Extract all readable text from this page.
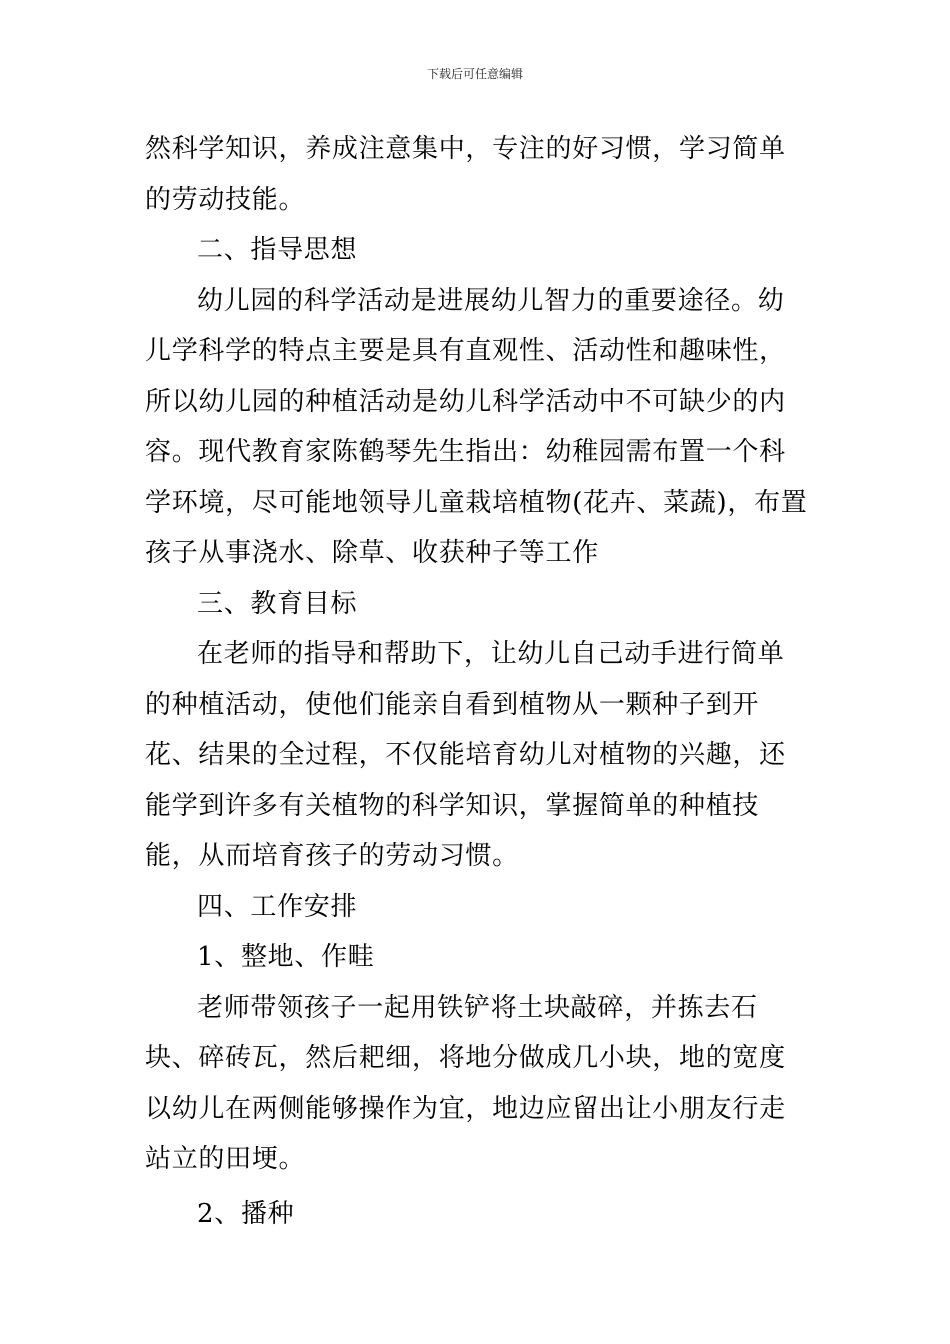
下载后可任意编辑

然科学知识，养成注意集中，专注的好习惯，学习简单的劳动技能。

二、指导思想

幼儿园的科学活动是进展幼儿智力的重要途径。幼儿学科学的特点主要是具有直观性、活动性和趣味性，所以幼儿园的种植活动是幼儿科学活动中不可缺少的内容。现代教育家陈鹤琴先生指出：幼稚园需布置一个科学环境，尽可能地领导儿童栽培植物(花卉、菜蔬)，布置孩子从事浇水、除草、收获种子等工作

三、教育目标

在老师的指导和帮助下，让幼儿自己动手进行简单的种植活动，使他们能亲自看到植物从一颗种子到开花、结果的全过程，不仅能培育幼儿对植物的兴趣，还能学到许多有关植物的科学知识，掌握简单的种植技能，从而培育孩子的劳动习惯。

四、工作安排

1、整地、作畦

老师带领孩子一起用铁铲将土块敲碎，并拣去石块、碎砖瓦，然后耙细，将地分做成几小块，地的宽度以幼儿在两侧能够操作为宜，地边应留出让小朋友行走站立的田埂。

2、播种
